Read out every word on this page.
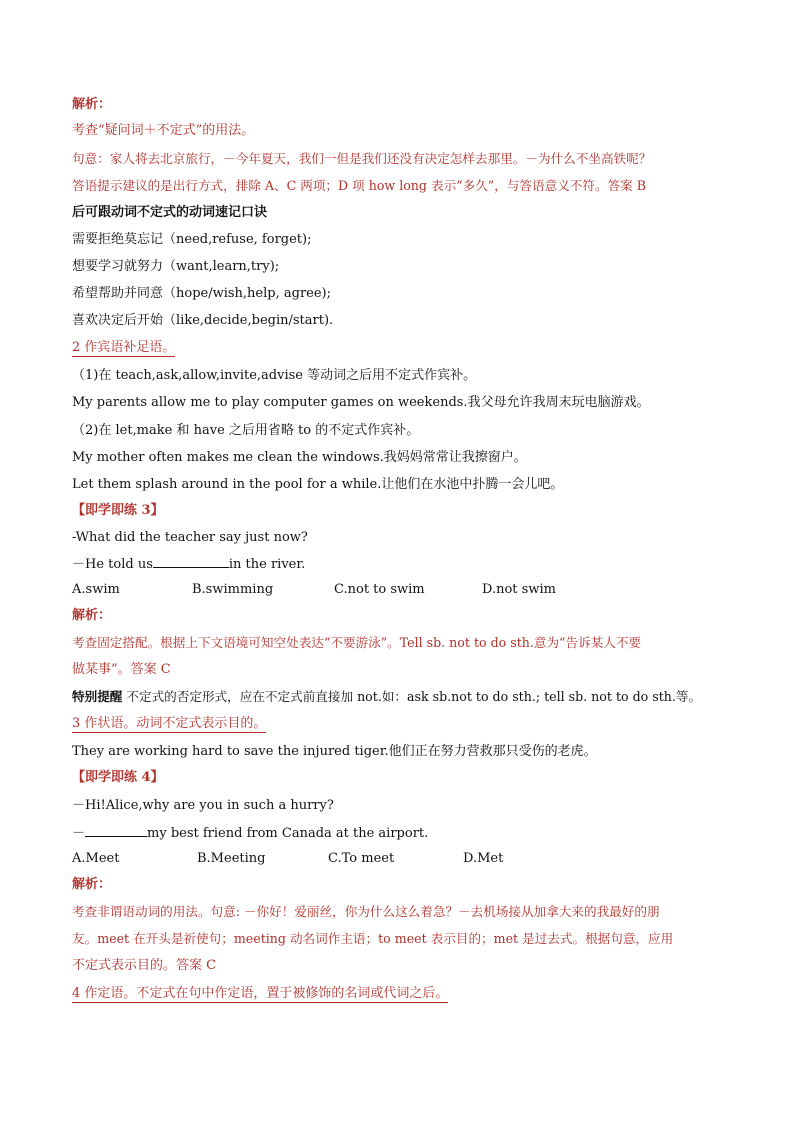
解析：
考查“疑问词＋不定式”的用法。
句意：家人将去北京旅行，－今年夏天，我们一但是我们还没有决定怎样去那里。－为什么不坐高铁呢？
答语提示建议的是出行方式，排除 A、C 两项；D 项 how long 表示“多久”，与答语意义不符。答案 B
后可跟动词不定式的动词速记口诀
需要拒绝莫忘记（need,refuse, forget);
想要学习就努力（want,learn,try);
希望帮助并同意（hope/wish,help, agree);
喜欢决定后开始（like,decide,begin/start).
2 作宾语补足语。
（1)在 teach,ask,allow,invite,advise 等动词之后用不定式作宾补。
My parents allow me to play computer games on weekends.我父母允许我周末玩电脑游戏。
（2)在 let,make 和 have 之后用省略 to 的不定式作宾补。
My mother often makes me clean the windows.我妈妈常常让我擦窗户。
Let them splash around in the pool for a while.让他们在水池中扑腾一会儿吧。
【即学即练 3】
-What did the teacher say just now?
－He told us	in the river.
A.swim	B.swimming	C.not to swim	D.not swim
解析：
考查固定搭配。根据上下文语境可知空处表达“不要游泳”。Tell sb. not to do sth.意为“告诉某人不要
做某事”。答案 C
特别提醒 不定式的否定形式，应在不定式前直接加 not.如：ask sb.not to do sth.; tell sb. not to do sth.等。
3 作状语。动词不定式表示目的。
They are working hard to save the injured tiger.他们正在努力营救那只受伤的老虎。
【即学即练 4】
－Hi!Alice,why are you in such a hurry?
－	my best friend from Canada at the airport.
A.Meet	B.Meeting	C.To meet	D.Met
解析：
考查非谓语动词的用法。句意: －你好！爱丽丝，你为什么这么着急？－去机场接从加拿大来的我最好的朋
友。meet 在开头是祈使句；meeting 动名词作主语；to meet 表示目的；met 是过去式。根据句意，应用
不定式表示目的。答案 C
4 作定语。不定式在句中作定语，置于被修饰的名词或代词之后。
